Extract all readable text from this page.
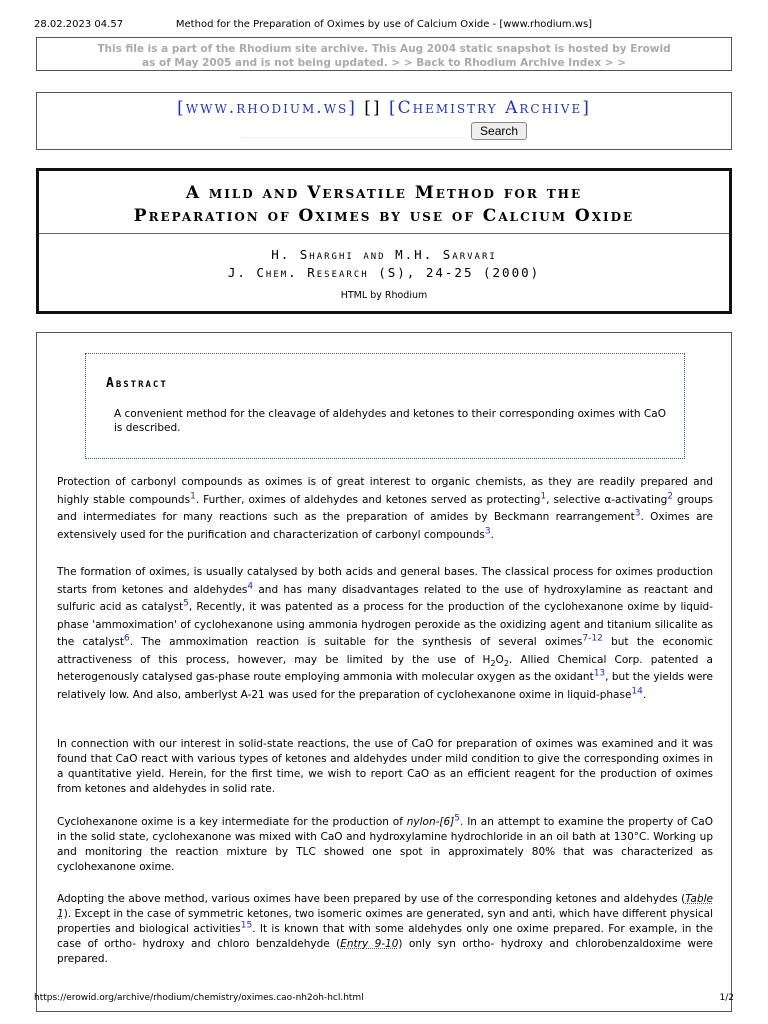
28.02.2023 04.57	Method for the Preparation of Oximes by use of Calcium Oxide - [www.rhodium.ws]
This file is a part of the Rhodium site archive. This Aug 2004 static snapshot is hosted by Erowid
as of May 2005 and is not being updated. > > Back to Rhodium Archive Index > >
[www.rhodium.ws] [] [Chemistry Archive]
Search
A mild and Versatile Method for the
Preparation of Oximes by use of Calcium Oxide
H. Sharghi and M.H. Sarvari
J. Chem. Research (S), 24-25 (2000)
HTML by Rhodium
Abstract
A convenient method for the cleavage of aldehydes and ketones to their corresponding oximes with CaO is described.
Protection of carbonyl compounds as oximes is of great interest to organic chemists, as they are readily prepared and highly stable compounds$^1$. Further, oximes of aldehydes and ketones served as protecting$^1$, selective α-activating$^2$ groups and intermediates for many reactions such as the preparation of amides by Beckmann rearrangement$^3$. Oximes are extensively used for the purification and characterization of carbonyl compounds$^3$.
The formation of oximes, is usually catalysed by both acids and general bases. The classical process for oximes production starts from ketones and aldehydes$^4$ and has many disadvantages related to the use of hydroxylamine as reactant and sulfuric acid as catalyst$^5$, Recently, it was patented as a process for the production of the cyclohexanone oxime by liquid-phase 'ammoximation' of cyclohexanone using ammonia hydrogen peroxide as the oxidizing agent and titanium silicalite as the catalyst$^6$. The ammoximation reaction is suitable for the synthesis of several oximes$^{7-12}$ but the economic attractiveness of this process, however, may be limited by the use of $H_2O_2$. Allied Chemical Corp. patented a heterogenously catalysed gas-phase route employing ammonia with molecular oxygen as the oxidant$^{13}$, but the yields were relatively low. And also, amberlyst A-21 was used for the preparation of cyclohexanone oxime in liquid-phase$^{14}$.
In connection with our interest in solid-state reactions, the use of CaO for preparation of oximes was examined and it was found that CaO react with various types of ketones and aldehydes under mild condition to give the corresponding oximes in a quantitative yield. Herein, for the first time, we wish to report CaO as an efficient reagent for the production of oximes from ketones and aldehydes in solid rate.
Cyclohexanone oxime is a key intermediate for the production of nylon-[6]$^5$. In an attempt to examine the property of CaO in the solid state, cyclohexanone was mixed with CaO and hydroxylamine hydrochloride in an oil bath at 130°C. Working up and monitoring the reaction mixture by TLC showed one spot in approximately 80% that was characterized as cyclohexanone oxime.
Adopting the above method, various oximes have been prepared by use of the corresponding ketones and aldehydes (Table 1). Except in the case of symmetric ketones, two isomeric oximes are generated, syn and anti, which have different physical properties and biological activities$^{15}$. It is known that with some aldehydes only one oxime prepared. For example, in the case of ortho- hydroxy and chloro benzaldehyde (Entry 9-10) only syn ortho- hydroxy and chlorobenzaldoxime were prepared.
https://erowid.org/archive/rhodium/chemistry/oximes.cao-nh2oh-hcl.html	1/2
